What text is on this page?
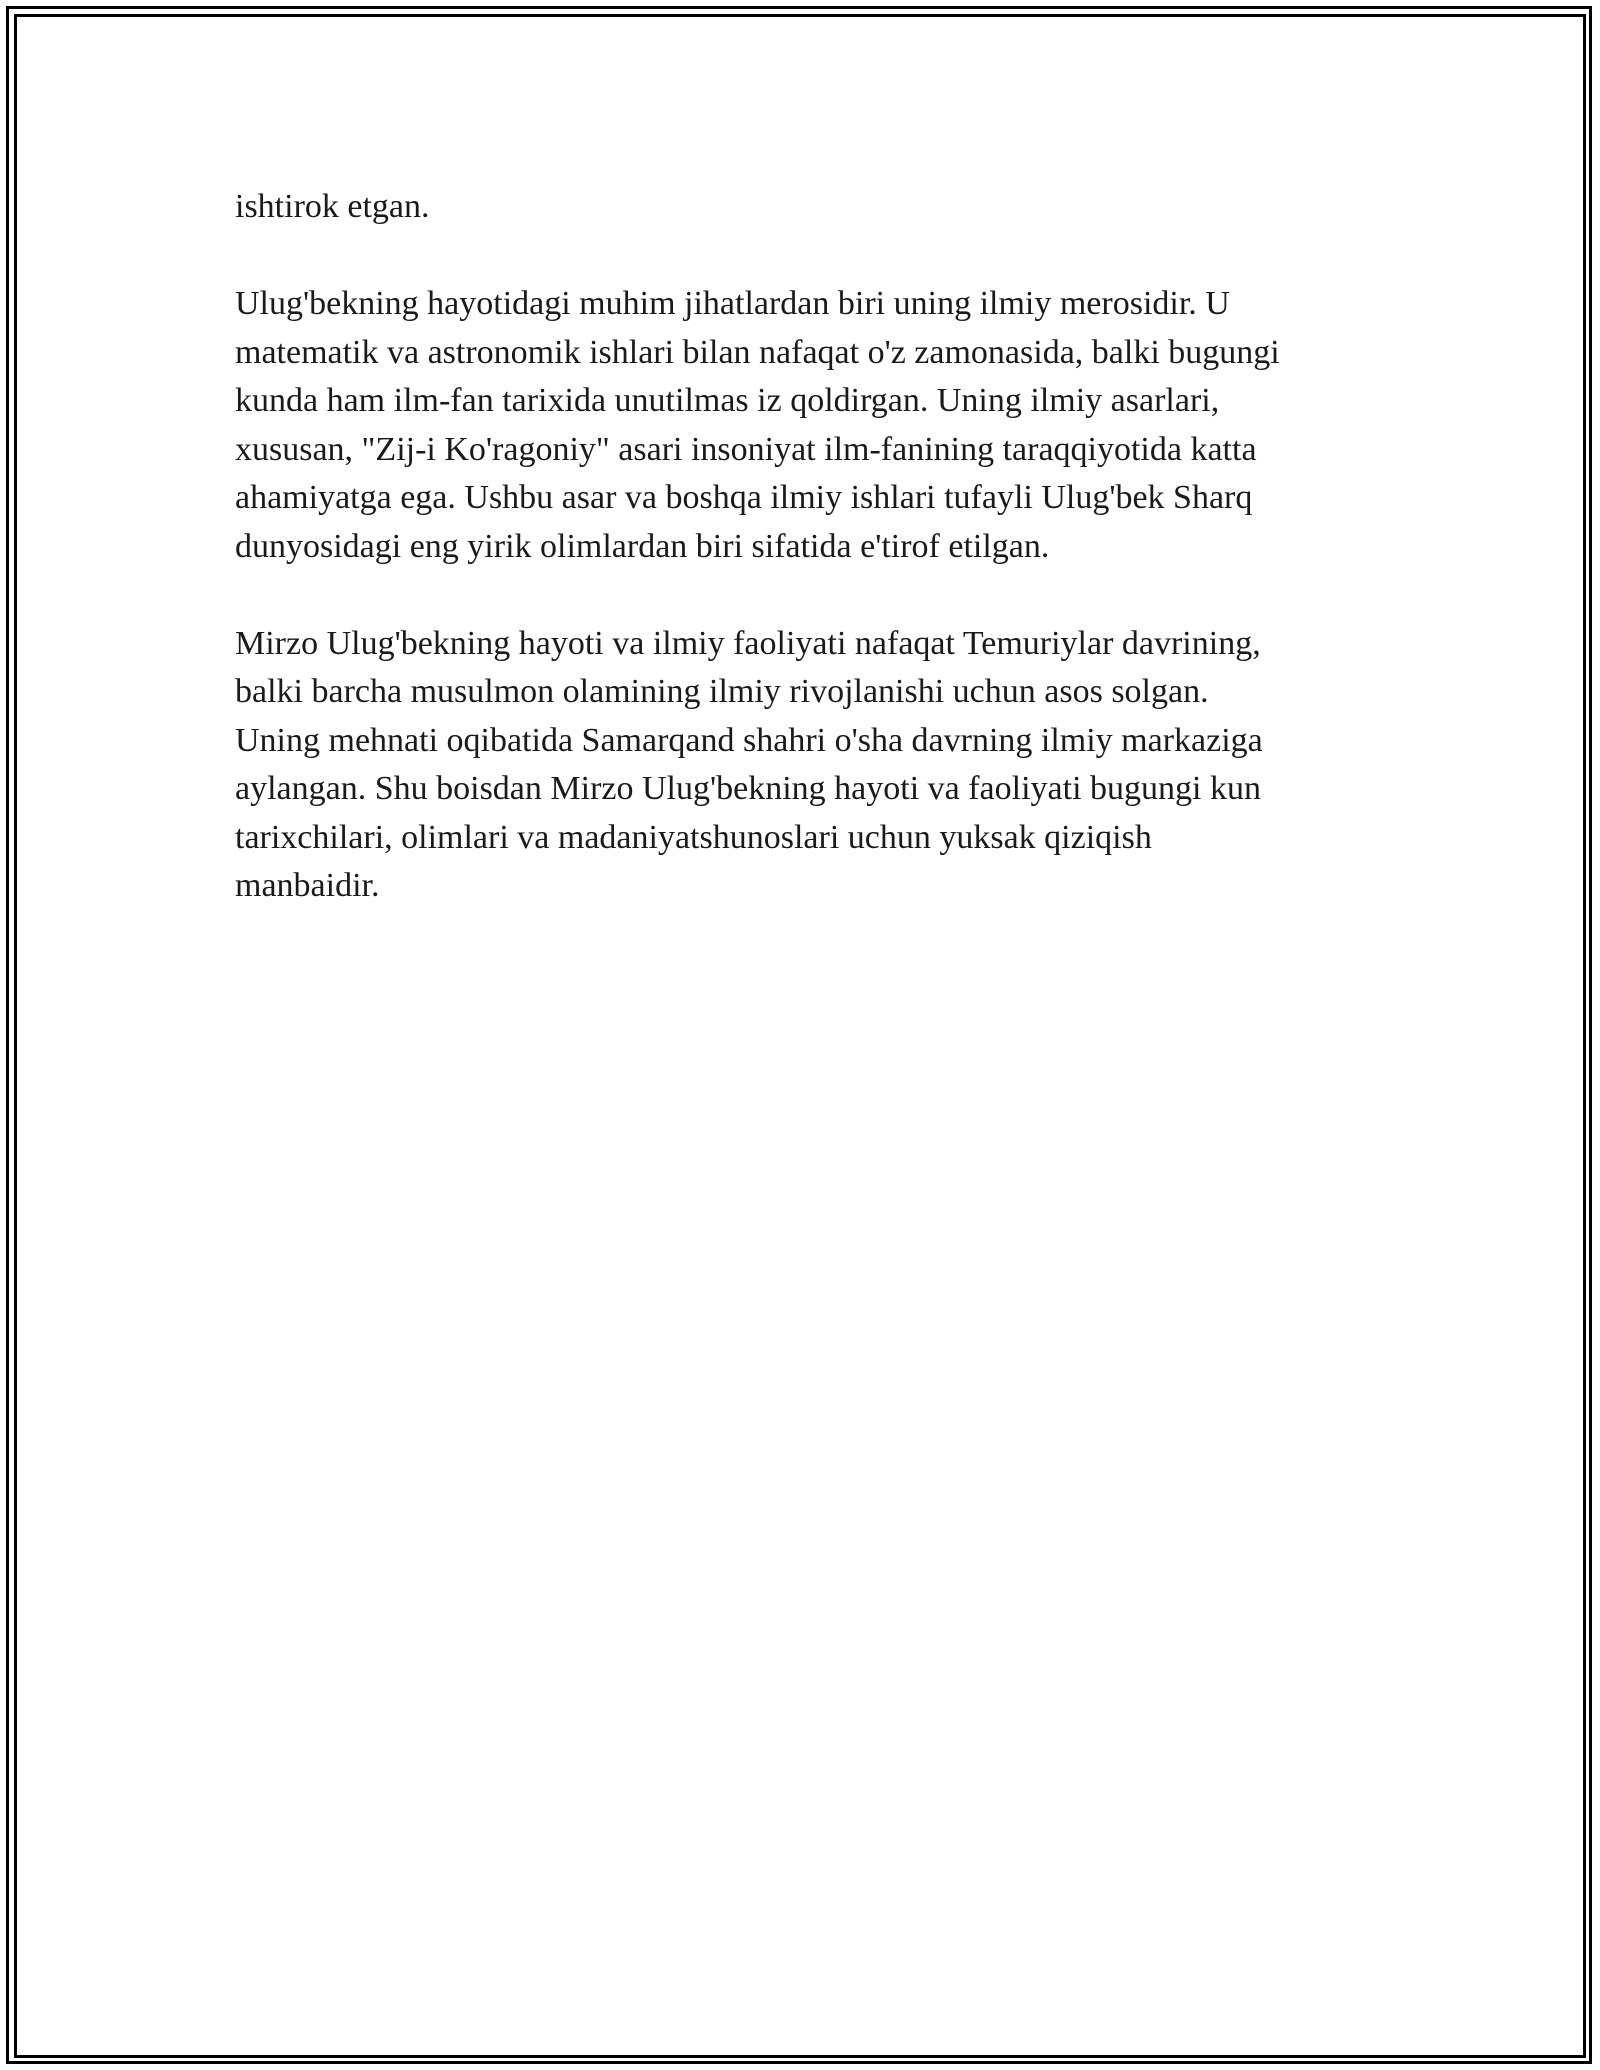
ishtirok etgan.

Ulug'bekning hayotidagi muhim jihatlardan biri uning ilmiy merosidir. U
matematik va astronomik ishlari bilan nafaqat o'z zamonasida, balki bugungi
kunda ham ilm-fan tarixida unutilmas iz qoldirgan. Uning ilmiy asarlari,
xususan, "Zij-i Ko'ragoniy" asari insoniyat ilm-fanining taraqqiyotida katta
ahamiyatga ega. Ushbu asar va boshqa ilmiy ishlari tufayli Ulug'bek Sharq
dunyosidagi eng yirik olimlardan biri sifatida e'tirof etilgan.

Mirzo Ulug'bekning hayoti va ilmiy faoliyati nafaqat Temuriylar davrining,
balki barcha musulmon olamining ilmiy rivojlanishi uchun asos solgan.
Uning mehnati oqibatida Samarqand shahri o'sha davrning ilmiy markaziga
aylangan. Shu boisdan Mirzo Ulug'bekning hayoti va faoliyati bugungi kun
tarixchilari, olimlari va madaniyatshunoslari uchun yuksak qiziqish
manbaidir.
